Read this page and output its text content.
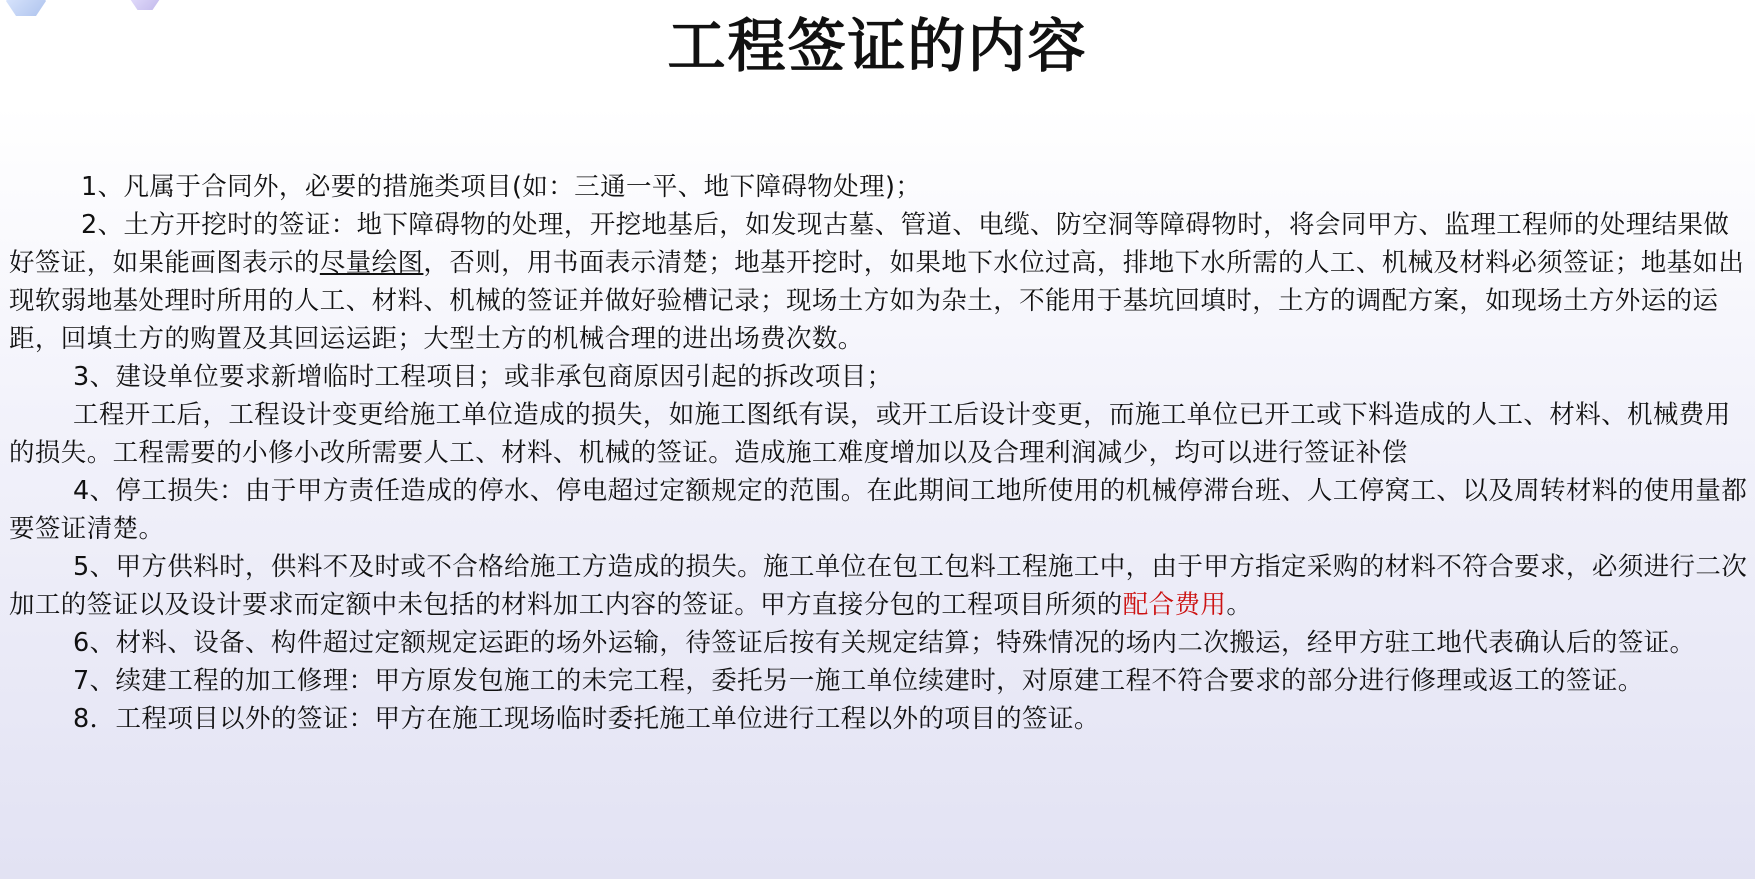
工程签证的内容

1、凡属于合同外，必要的措施类项目(如：三通一平、地下障碍物处理)；

2、土方开挖时的签证：地下障碍物的处理，开挖地基后，如发现古墓、管道、电缆、防空洞等障碍物时，将会同甲方、监理工程师的处理结果做好签证，如果能画图表示的尽量绘图，否则，用书面表示清楚；地基开挖时，如果地下水位过高，排地下水所需的人工、机械及材料必须签证；地基如出现软弱地基处理时所用的人工、材料、机械的签证并做好验槽记录；现场土方如为杂土，不能用于基坑回填时，土方的调配方案，如现场土方外运的运距，回填土方的购置及其回运运距；大型土方的机械合理的进出场费次数。

3、建设单位要求新增临时工程项目；或非承包商原因引起的拆改项目；

工程开工后，工程设计变更给施工单位造成的损失，如施工图纸有误，或开工后设计变更，而施工单位已开工或下料造成的人工、材料、机械费用的损失。工程需要的小修小改所需要人工、材料、机械的签证。造成施工难度增加以及合理利润减少，均可以进行签证补偿

4、停工损失：由于甲方责任造成的停水、停电超过定额规定的范围。在此期间工地所使用的机械停滞台班、人工停窝工、以及周转材料的使用量都要签证清楚。

5、甲方供料时，供料不及时或不合格给施工方造成的损失。施工单位在包工包料工程施工中，由于甲方指定采购的材料不符合要求，必须进行二次加工的签证以及设计要求而定额中未包括的材料加工内容的签证。甲方直接分包的工程项目所须的配合费用。

6、材料、设备、构件超过定额规定运距的场外运输，待签证后按有关规定结算；特殊情况的场内二次搬运，经甲方驻工地代表确认后的签证。

7、续建工程的加工修理：甲方原发包施工的未完工程，委托另一施工单位续建时，对原建工程不符合要求的部分进行修理或返工的签证。

8．工程项目以外的签证：甲方在施工现场临时委托施工单位进行工程以外的项目的签证。
